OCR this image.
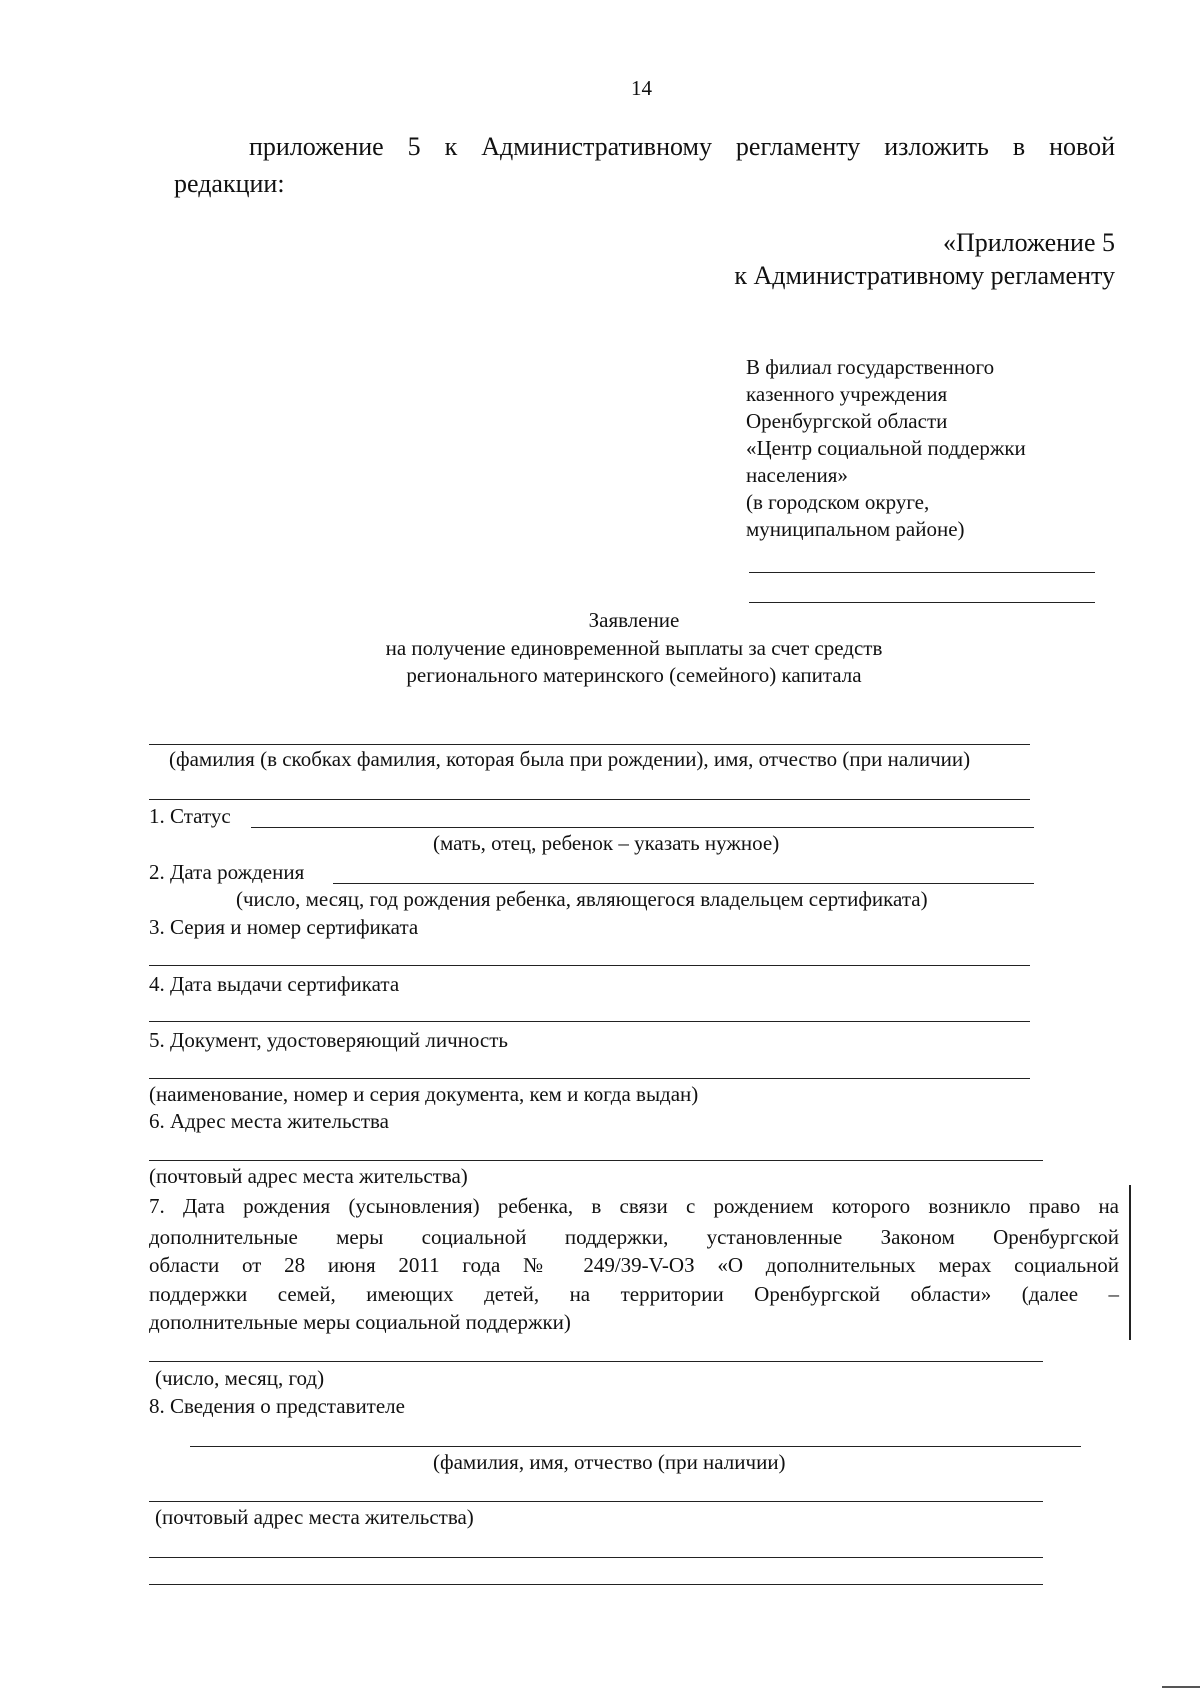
14
приложение 5 к Административному регламенту изложить в новой
редакции:
«Приложение 5
к Административному регламенту
В филиал государственного
казенного учреждения
Оренбургской области
«Центр социальной поддержки
населения»
(в городском округе,
муниципальном районе)
Заявление
на получение единовременной выплаты за счет средств
регионального материнского (семейного) капитала
(фамилия (в скобках фамилия, которая была при рождении), имя, отчество (при наличии)
1. Статус
(мать, отец, ребенок – указать нужное)
2. Дата рождения
(число, месяц, год рождения ребенка, являющегося владельцем сертификата)
3. Серия и номер сертификата
4. Дата выдачи сертификата
5. Документ, удостоверяющий личность
(наименование, номер и серия документа, кем и когда выдан)
6. Адрес места жительства
(почтовый адрес места жительства)
7. Дата рождения (усыновления) ребенка, в связи с рождением которого возникло право на
дополнительные меры социальной поддержки, установленные Законом Оренбургской
области от 28 июня 2011 года № 249/39-V-ОЗ «О дополнительных мерах социальной
поддержки семей, имеющих детей, на территории Оренбургской области» (далее –
дополнительные меры социальной поддержки)
(число, месяц, год)
8. Сведения о представителе
(фамилия, имя, отчество (при наличии)
(почтовый адрес места жительства)
